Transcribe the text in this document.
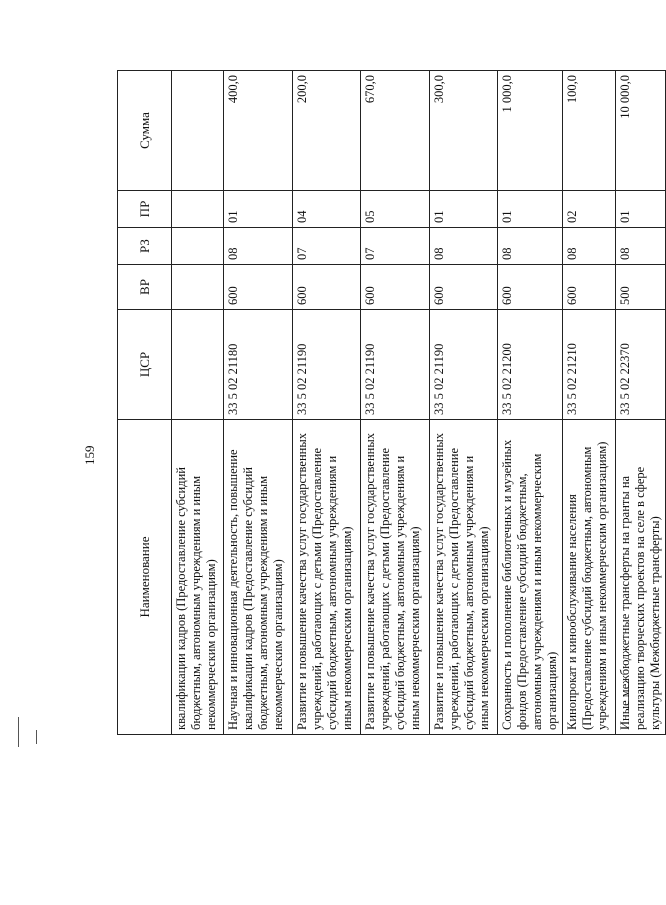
159
Наименование	ЦСР	ВР	РЗ	ПР	Сумма
квалификации кадров (Предоставление субсидий бюджетным, автономным учреждениям и иным некоммерческим организациям)					
Научная и инновационная деятельность, повышение квалификации кадров (Предоставление субсидий бюджетным, автономным учреждениям и иным некоммерческим организациям)	33 5 02 21180	600	08	01	400,0
Развитие и повышение качества услуг государственных учреждений, работающих с детьми (Предоставление субсидий бюджетным, автономным учреждениям и иным некоммерческим организациям)	33 5 02 21190	600	07	04	200,0
Развитие и повышение качества услуг государственных учреждений, работающих с детьми (Предоставление субсидий бюджетным, автономным учреждениям и иным некоммерческим организациям)	33 5 02 21190	600	07	05	670,0
Развитие и повышение качества услуг государственных учреждений, работающих с детьми (Предоставление субсидий бюджетным, автономным учреждениям и иным некоммерческим организациям)	33 5 02 21190	600	08	01	300,0
Сохранность и пополнение библиотечных и музейных фондов (Предоставление субсидий бюджетным, автономным учреждениям и иным некоммерческим организациям)	33 5 02 21200	600	08	01	1 000,0
Кинопрокат и кинообслуживание населения (Предоставление субсидий бюджетным, автономным учреждениям и иным некоммерческим организациям)	33 5 02 21210	600	08	02	100,0
Иные межбюджетные трансферты на гранты на реализацию творческих проектов на селе в сфере культуры (Межбюджетные трансферты)	33 5 02 22370	500	08	01	10 000,0
